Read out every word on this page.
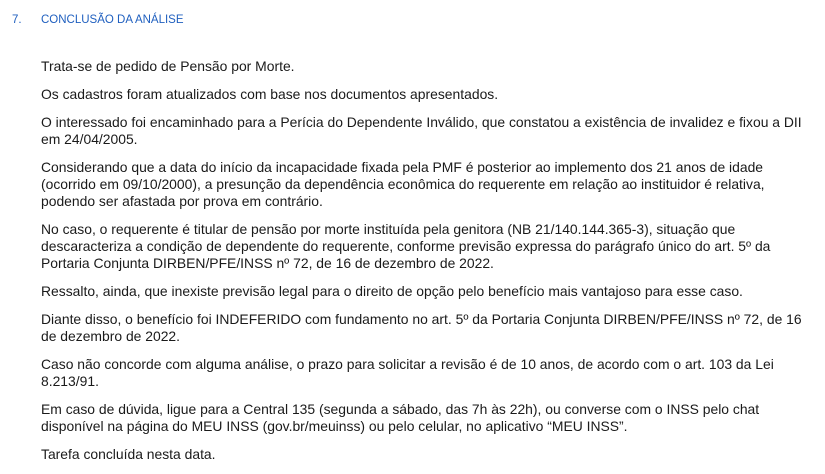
7. CONCLUSÃO DA ANÁLISE

Trata-se de pedido de Pensão por Morte.

Os cadastros foram atualizados com base nos documentos apresentados.

O interessado foi encaminhado para a Perícia do Dependente Inválido, que constatou a existência de invalidez e fixou a DII em 24/04/2005.

Considerando que a data do início da incapacidade fixada pela PMF é posterior ao implemento dos 21 anos de idade (ocorrido em 09/10/2000), a presunção da dependência econômica do requerente em relação ao instituidor é relativa, podendo ser afastada por prova em contrário.

No caso, o requerente é titular de pensão por morte instituída pela genitora (NB 21/140.144.365-3), situação que descaracteriza a condição de dependente do requerente, conforme previsão expressa do parágrafo único do art. 5º da Portaria Conjunta DIRBEN/PFE/INSS nº 72, de 16 de dezembro de 2022.

Ressalto, ainda, que inexiste previsão legal para o direito de opção pelo benefício mais vantajoso para esse caso.

Diante disso, o benefício foi INDEFERIDO com fundamento no art. 5º da Portaria Conjunta DIRBEN/PFE/INSS nº 72, de 16 de dezembro de 2022.

Caso não concorde com alguma análise, o prazo para solicitar a revisão é de 10 anos, de acordo com o art. 103 da Lei 8.213/91.

Em caso de dúvida, ligue para a Central 135 (segunda a sábado, das 7h às 22h), ou converse com o INSS pelo chat disponível na página do MEU INSS (gov.br/meuinss) ou pelo celular, no aplicativo “MEU INSS”.

Tarefa concluída nesta data.
